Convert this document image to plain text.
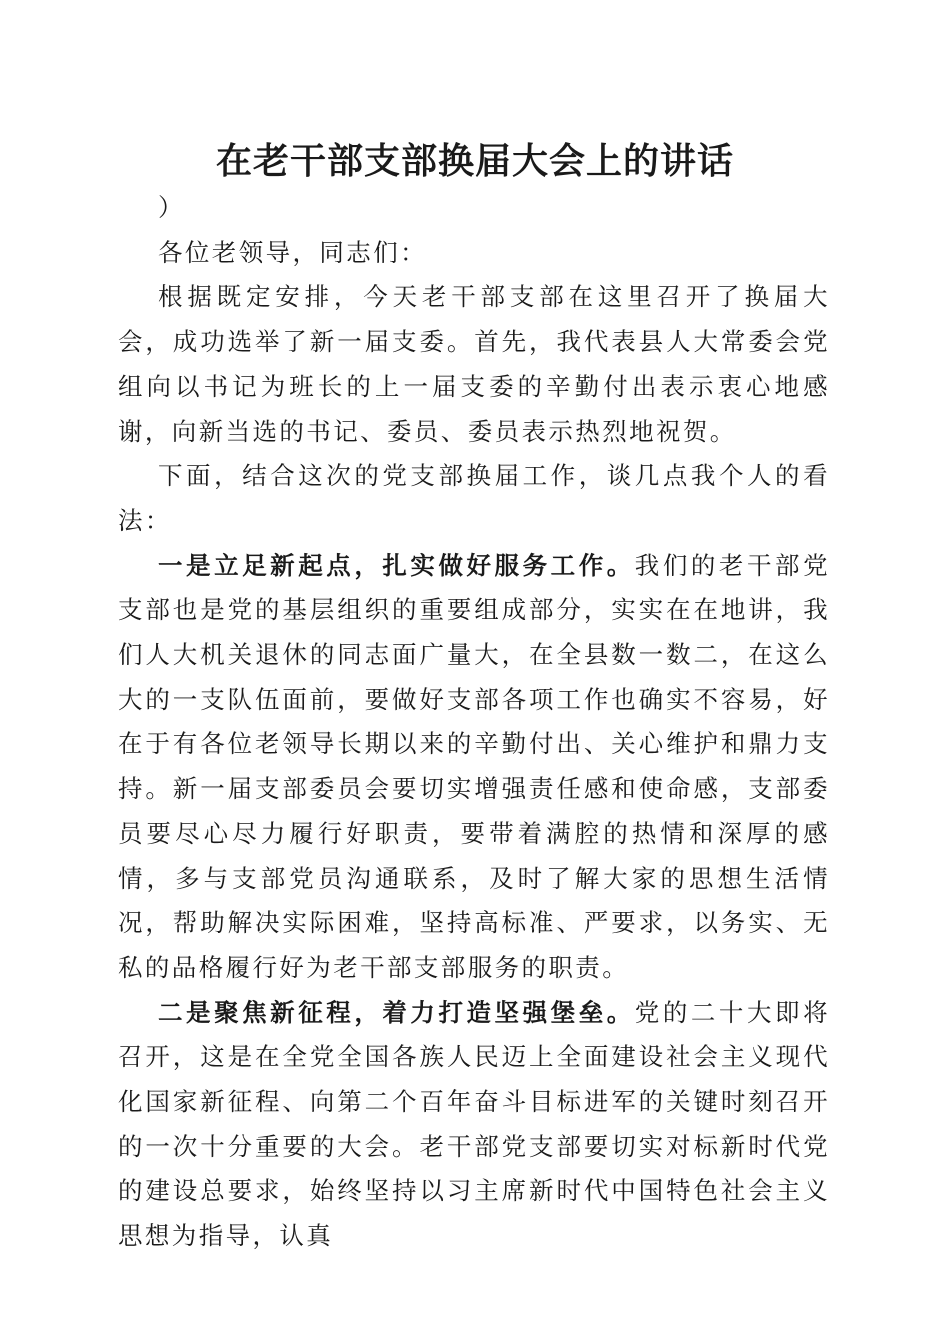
在老干部支部换届大会上的讲话

）

各位老领导，同志们：

根据既定安排，今天老干部支部在这里召开了换届大会，成功选举了新一届支委。首先，我代表县人大常委会党组向以书记为班长的上一届支委的辛勤付出表示衷心地感谢，向新当选的书记、委员、委员表示热烈地祝贺。

下面，结合这次的党支部换届工作，谈几点我个人的看法：

一是立足新起点，扎实做好服务工作。我们的老干部党支部也是党的基层组织的重要组成部分，实实在在地讲，我们人大机关退休的同志面广量大，在全县数一数二，在这么大的一支队伍面前，要做好支部各项工作也确实不容易，好在于有各位老领导长期以来的辛勤付出、关心维护和鼎力支持。新一届支部委员会要切实增强责任感和使命感，支部委员要尽心尽力履行好职责，要带着满腔的热情和深厚的感情，多与支部党员沟通联系，及时了解大家的思想生活情况，帮助解决实际困难，坚持高标准、严要求，以务实、无私的品格履行好为老干部支部服务的职责。

二是聚焦新征程，着力打造坚强堡垒。党的二十大即将召开，这是在全党全国各族人民迈上全面建设社会主义现代化国家新征程、向第二个百年奋斗目标进军的关键时刻召开的一次十分重要的大会。老干部党支部要切实对标新时代党的建设总要求，始终坚持以习主席新时代中国特色社会主义思想为指导，认真
